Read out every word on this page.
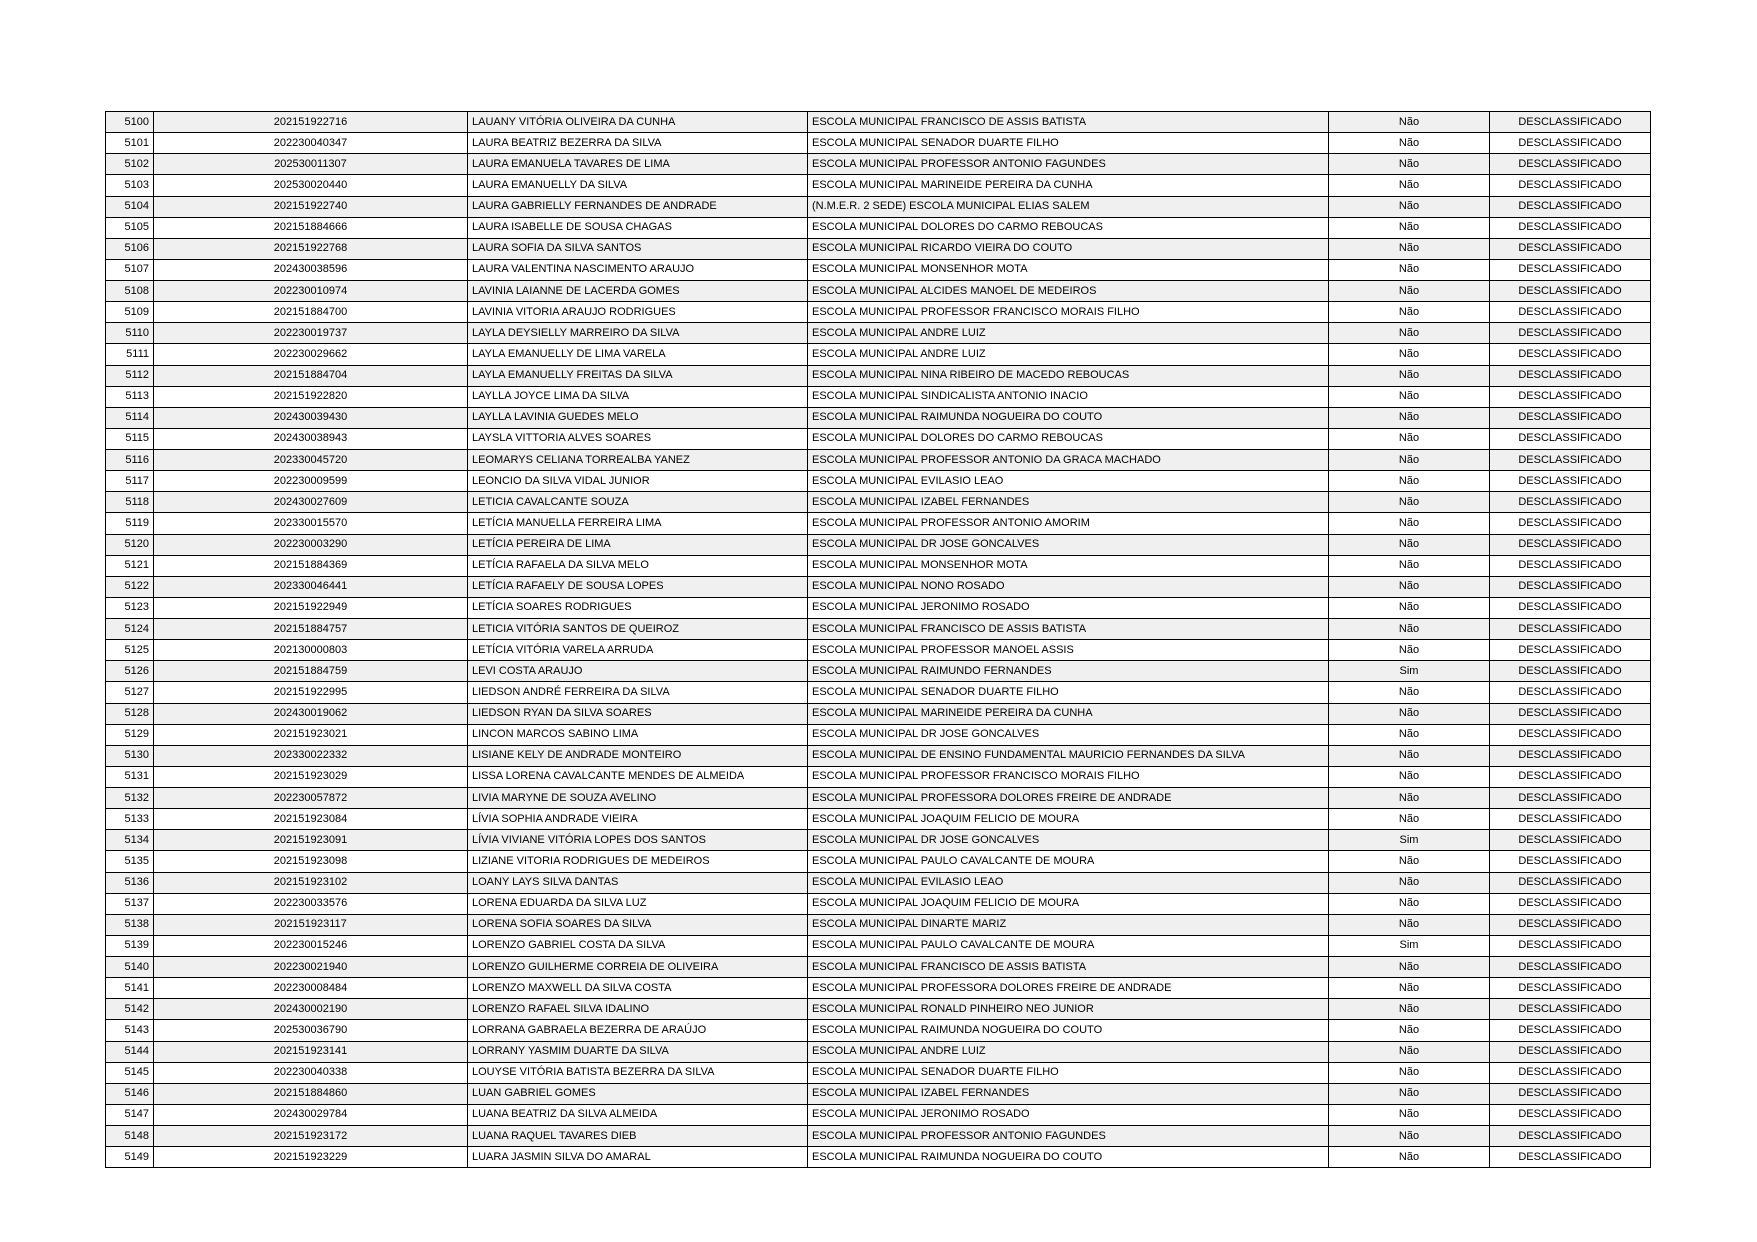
5100	202151922716	LAUANY VITÓRIA OLIVEIRA DA CUNHA	ESCOLA MUNICIPAL FRANCISCO DE ASSIS BATISTA	Não	DESCLASSIFICADO
5101	202230040347	LAURA BEATRIZ BEZERRA DA SILVA	ESCOLA MUNICIPAL SENADOR DUARTE FILHO	Não	DESCLASSIFICADO
5102	202530011307	LAURA EMANUELA TAVARES DE LIMA	ESCOLA MUNICIPAL PROFESSOR ANTONIO FAGUNDES	Não	DESCLASSIFICADO
5103	202530020440	LAURA EMANUELLY DA SILVA	ESCOLA MUNICIPAL MARINEIDE PEREIRA DA CUNHA	Não	DESCLASSIFICADO
5104	202151922740	LAURA GABRIELLY FERNANDES DE ANDRADE	(N.M.E.R. 2 SEDE) ESCOLA MUNICIPAL ELIAS SALEM	Não	DESCLASSIFICADO
5105	202151884666	LAURA ISABELLE DE SOUSA CHAGAS	ESCOLA MUNICIPAL DOLORES DO CARMO REBOUCAS	Não	DESCLASSIFICADO
5106	202151922768	LAURA SOFIA DA SILVA SANTOS	ESCOLA MUNICIPAL RICARDO VIEIRA DO COUTO	Não	DESCLASSIFICADO
5107	202430038596	LAURA VALENTINA NASCIMENTO ARAUJO	ESCOLA MUNICIPAL MONSENHOR MOTA	Não	DESCLASSIFICADO
5108	202230010974	LAVINIA LAIANNE DE LACERDA GOMES	ESCOLA MUNICIPAL ALCIDES MANOEL DE MEDEIROS	Não	DESCLASSIFICADO
5109	202151884700	LAVINIA VITORIA ARAUJO RODRIGUES	ESCOLA MUNICIPAL PROFESSOR FRANCISCO MORAIS FILHO	Não	DESCLASSIFICADO
5110	202230019737	LAYLA DEYSIELLY MARREIRO DA SILVA	ESCOLA MUNICIPAL ANDRE LUIZ	Não	DESCLASSIFICADO
5111	202230029662	LAYLA EMANUELLY DE LIMA VARELA	ESCOLA MUNICIPAL ANDRE LUIZ	Não	DESCLASSIFICADO
5112	202151884704	LAYLA EMANUELLY FREITAS DA SILVA	ESCOLA MUNICIPAL NINA RIBEIRO DE MACEDO REBOUCAS	Não	DESCLASSIFICADO
5113	202151922820	LAYLLA JOYCE LIMA DA SILVA	ESCOLA MUNICIPAL SINDICALISTA ANTONIO INACIO	Não	DESCLASSIFICADO
5114	202430039430	LAYLLA LAVINIA GUEDES MELO	ESCOLA MUNICIPAL RAIMUNDA NOGUEIRA DO COUTO	Não	DESCLASSIFICADO
5115	202430038943	LAYSLA VITTORIA ALVES SOARES	ESCOLA MUNICIPAL DOLORES DO CARMO REBOUCAS	Não	DESCLASSIFICADO
5116	202330045720	LEOMARYS CELIANA TORREALBA YANEZ	ESCOLA MUNICIPAL PROFESSOR ANTONIO DA GRACA MACHADO	Não	DESCLASSIFICADO
5117	202230009599	LEONCIO DA SILVA VIDAL JUNIOR	ESCOLA MUNICIPAL EVILASIO LEAO	Não	DESCLASSIFICADO
5118	202430027609	LETICIA CAVALCANTE SOUZA	ESCOLA MUNICIPAL IZABEL FERNANDES	Não	DESCLASSIFICADO
5119	202330015570	LETÍCIA MANUELLA FERREIRA LIMA	ESCOLA MUNICIPAL PROFESSOR ANTONIO AMORIM	Não	DESCLASSIFICADO
5120	202230003290	LETÍCIA PEREIRA DE LIMA	ESCOLA MUNICIPAL DR JOSE GONCALVES	Não	DESCLASSIFICADO
5121	202151884369	LETÍCIA RAFAELA DA SILVA MELO	ESCOLA MUNICIPAL MONSENHOR MOTA	Não	DESCLASSIFICADO
5122	202330046441	LETÍCIA RAFAELY DE SOUSA LOPES	ESCOLA MUNICIPAL NONO ROSADO	Não	DESCLASSIFICADO
5123	202151922949	LETÍCIA SOARES RODRIGUES	ESCOLA MUNICIPAL JERONIMO ROSADO	Não	DESCLASSIFICADO
5124	202151884757	LETICIA VITÓRIA SANTOS DE QUEIROZ	ESCOLA MUNICIPAL FRANCISCO DE ASSIS BATISTA	Não	DESCLASSIFICADO
5125	202130000803	LETÍCIA VITÓRIA VARELA ARRUDA	ESCOLA MUNICIPAL PROFESSOR MANOEL ASSIS	Não	DESCLASSIFICADO
5126	202151884759	LEVI COSTA ARAUJO	ESCOLA MUNICIPAL RAIMUNDO FERNANDES	Sim	DESCLASSIFICADO
5127	202151922995	LIEDSON ANDRÉ FERREIRA DA SILVA	ESCOLA MUNICIPAL SENADOR DUARTE FILHO	Não	DESCLASSIFICADO
5128	202430019062	LIEDSON RYAN DA SILVA SOARES	ESCOLA MUNICIPAL MARINEIDE PEREIRA DA CUNHA	Não	DESCLASSIFICADO
5129	202151923021	LINCON MARCOS SABINO LIMA	ESCOLA MUNICIPAL DR JOSE GONCALVES	Não	DESCLASSIFICADO
5130	202330022332	LISIANE KELY DE ANDRADE MONTEIRO	ESCOLA MUNICIPAL DE ENSINO FUNDAMENTAL MAURICIO FERNANDES DA SILVA	Não	DESCLASSIFICADO
5131	202151923029	LISSA LORENA CAVALCANTE MENDES DE ALMEIDA	ESCOLA MUNICIPAL PROFESSOR FRANCISCO MORAIS FILHO	Não	DESCLASSIFICADO
5132	202230057872	LIVIA MARYNE DE SOUZA AVELINO	ESCOLA MUNICIPAL PROFESSORA DOLORES FREIRE DE ANDRADE	Não	DESCLASSIFICADO
5133	202151923084	LÍVIA SOPHIA ANDRADE VIEIRA	ESCOLA MUNICIPAL JOAQUIM FELICIO DE MOURA	Não	DESCLASSIFICADO
5134	202151923091	LÍVIA VIVIANE VITÓRIA LOPES DOS SANTOS	ESCOLA MUNICIPAL DR JOSE GONCALVES	Sim	DESCLASSIFICADO
5135	202151923098	LIZIANE VITORIA RODRIGUES DE MEDEIROS	ESCOLA MUNICIPAL PAULO CAVALCANTE DE MOURA	Não	DESCLASSIFICADO
5136	202151923102	LOANY LAYS SILVA DANTAS	ESCOLA MUNICIPAL EVILASIO LEAO	Não	DESCLASSIFICADO
5137	202230033576	LORENA EDUARDA DA SILVA LUZ	ESCOLA MUNICIPAL JOAQUIM FELICIO DE MOURA	Não	DESCLASSIFICADO
5138	202151923117	LORENA SOFIA SOARES DA SILVA	ESCOLA MUNICIPAL DINARTE MARIZ	Não	DESCLASSIFICADO
5139	202230015246	LORENZO GABRIEL COSTA DA SILVA	ESCOLA MUNICIPAL PAULO CAVALCANTE DE MOURA	Sim	DESCLASSIFICADO
5140	202230021940	LORENZO GUILHERME CORREIA DE OLIVEIRA	ESCOLA MUNICIPAL FRANCISCO DE ASSIS BATISTA	Não	DESCLASSIFICADO
5141	202230008484	LORENZO MAXWELL DA SILVA COSTA	ESCOLA MUNICIPAL PROFESSORA DOLORES FREIRE DE ANDRADE	Não	DESCLASSIFICADO
5142	202430002190	LORENZO RAFAEL SILVA IDALINO	ESCOLA MUNICIPAL RONALD PINHEIRO NEO JUNIOR	Não	DESCLASSIFICADO
5143	202530036790	LORRANA GABRAELA BEZERRA DE ARAÚJO	ESCOLA MUNICIPAL RAIMUNDA NOGUEIRA DO COUTO	Não	DESCLASSIFICADO
5144	202151923141	LORRANY YASMIM DUARTE DA SILVA	ESCOLA MUNICIPAL ANDRE LUIZ	Não	DESCLASSIFICADO
5145	202230040338	LOUYSE VITÓRIA BATISTA BEZERRA DA SILVA	ESCOLA MUNICIPAL SENADOR DUARTE FILHO	Não	DESCLASSIFICADO
5146	202151884860	LUAN GABRIEL GOMES	ESCOLA MUNICIPAL IZABEL FERNANDES	Não	DESCLASSIFICADO
5147	202430029784	LUANA BEATRIZ DA SILVA ALMEIDA	ESCOLA MUNICIPAL JERONIMO ROSADO	Não	DESCLASSIFICADO
5148	202151923172	LUANA RAQUEL TAVARES DIEB	ESCOLA MUNICIPAL PROFESSOR ANTONIO FAGUNDES	Não	DESCLASSIFICADO
5149	202151923229	LUARA JASMIN SILVA DO AMARAL	ESCOLA MUNICIPAL RAIMUNDA NOGUEIRA DO COUTO	Não	DESCLASSIFICADO
